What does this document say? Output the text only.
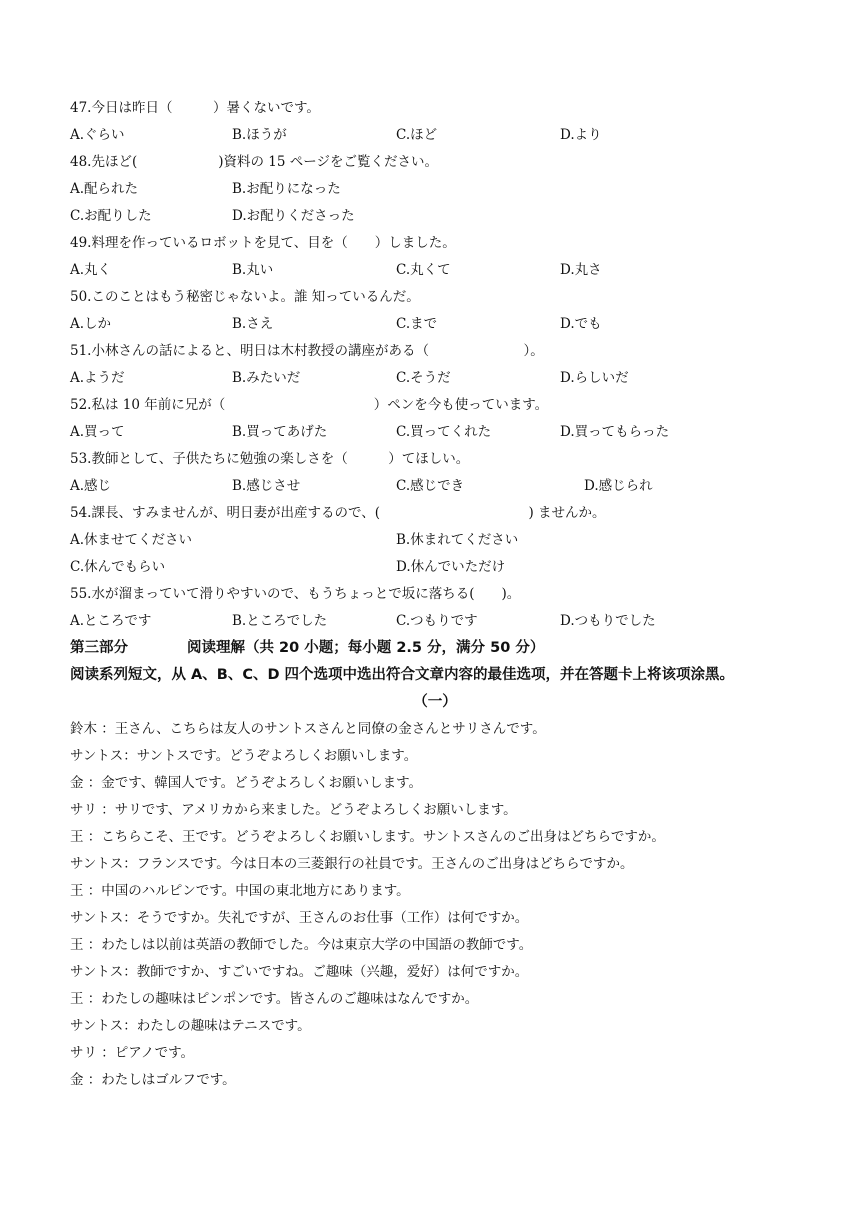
47.今日は昨日（　　　）暑くないです。
A.ぐらい	B.ほうが	C.ほど	D.より
48.先ほど(　　　　　　)資料の 15 ページをご覧ください。
A.配られた	B.お配りになった
C.お配りした	D.お配りくださった
49.料理を作っているロボットを見て、目を（　　）しました。
A.丸く	B.丸い	C.丸くて	D.丸さ
50.このことはもう秘密じゃないよ。誰 知っているんだ。
A.しか	B.さえ	C.まで	D.でも
51.小林さんの話によると、明日は木村教授の講座がある（　　　　　　　）。
A.ようだ	B.みたいだ	C.そうだ	D.らしいだ
52.私は 10 年前に兄が（　　　　　　　　　　　）ペンを今も使っています。
A.買って	B.買ってあげた	C.買ってくれた	D.買ってもらった
53.教師として、子供たちに勉強の楽しさを（　　　）てほしい。
A.感じ	B.感じさせ	C.感じでき	D.感じられ
54.課長、すみませんが、明日妻が出産するので、(　　　　　　　　　　　) ませんか。
A.休ませてください	B.休まれてください
C.休んでもらい	D.休んでいただけ
55.水が溜まっていて滑りやすいので、もうちょっとで坂に落ちる(　　)。
A.ところです	B.ところでした	C.つもりです	D.つもりでした
第三部分	阅读理解（共 20 小题；每小题 2.5 分，满分 50 分）
阅读系列短文，从 A、B、C、D 四个选项中选出符合文章内容的最佳选项，并在答题卡上将该项涂黑。
（一）
鈴木 ：王さん、こちらは友人のサントスさんと同僚の金さんとサリさんです。
サントス：サントスです。どうぞよろしくお願いします。
金 ：金です、韓国人です。どうぞよろしくお願いします。
サリ ：サリです、アメリカから来ました。どうぞよろしくお願いします。
王 ：こちらこそ、王です。どうぞよろしくお願いします。サントスさんのご出身はどちらですか。
サントス：フランスです。今は日本の三菱銀行の社員です。王さんのご出身はどちらですか。
王 ：中国のハルピンです。中国の東北地方にあります。
サントス：そうですか。失礼ですが、王さんのお仕事（工作）は何ですか。
王 ：わたしは以前は英語の教師でした。今は東京大学の中国語の教師です。
サントス：教師ですか、すごいですね。ご趣味（兴趣，爱好）は何ですか。
王 ：わたしの趣味はピンポンです。皆さんのご趣味はなんですか。
サントス：わたしの趣味はテニスです。
サリ ：ピアノです。
金 ：わたしはゴルフです。
